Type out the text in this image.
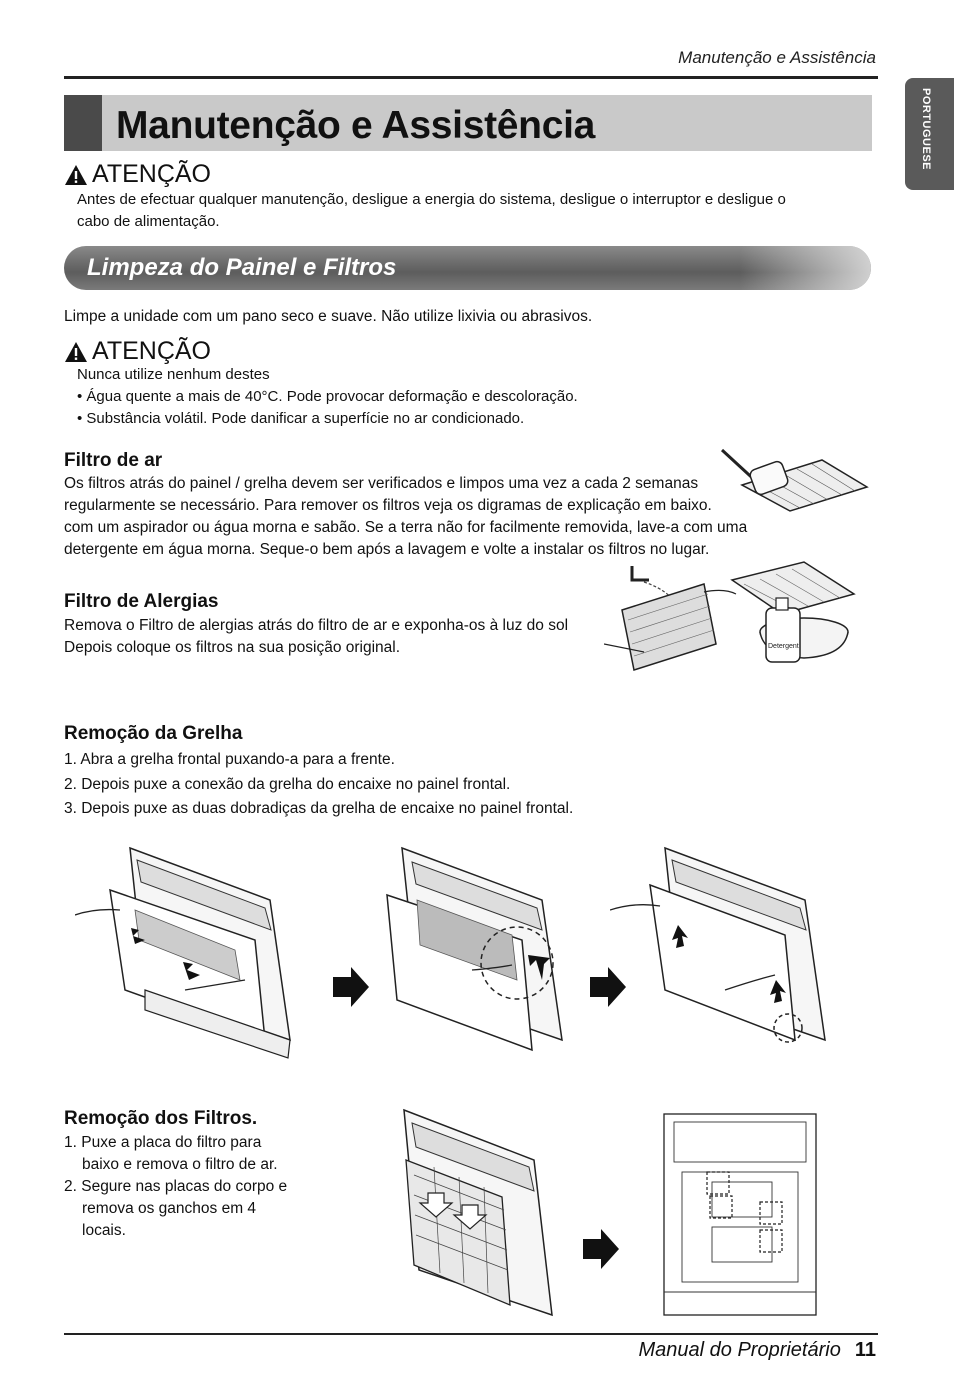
Manutenção e Assistência
PORTUGUESE
Manutenção e Assistência
ATENÇÃO
Antes de efectuar qualquer manutenção, desligue a energia do sistema, desligue o interruptor e desligue o
cabo de alimentação.
Limpeza do Painel e Filtros
Limpe a unidade com um pano seco e suave. Não utilize lixivia ou abrasivos.
ATENÇÃO
Nunca utilize nenhum destes
• Água quente a mais de 40°C. Pode provocar deformação e descoloração.
• Substância volátil. Pode danificar a superfície no ar condicionado.
Filtro de ar
Os filtros atrás do painel / grelha devem ser verificados e limpos uma vez a cada 2 semanas
regularmente se necessário. Para remover os filtros veja os digramas de explicação em baixo.
com um aspirador ou água morna e sabão. Se a terra não for facilmente removida, lave-a com uma
detergente em água morna. Seque-o bem após a lavagem e volte a instalar os filtros no lugar.
Filtro de Alergias
Remova o Filtro de alergias atrás do filtro de ar e exponha-os à luz do sol
Depois coloque os filtros na sua posição original.	Detergent
Remoção da Grelha
1. Abra a grelha frontal puxando-a para a frente.
2. Depois puxe a conexão da grelha do encaixe no painel frontal.
3. Depois puxe as duas dobradiças da grelha de encaixe no painel frontal.
Remoção dos Filtros.
1. Puxe a placa do filtro para
baixo e remova o filtro de ar.
2. Segure nas placas do corpo e
remova os ganchos em 4
locais.
Manual do Proprietário 11
